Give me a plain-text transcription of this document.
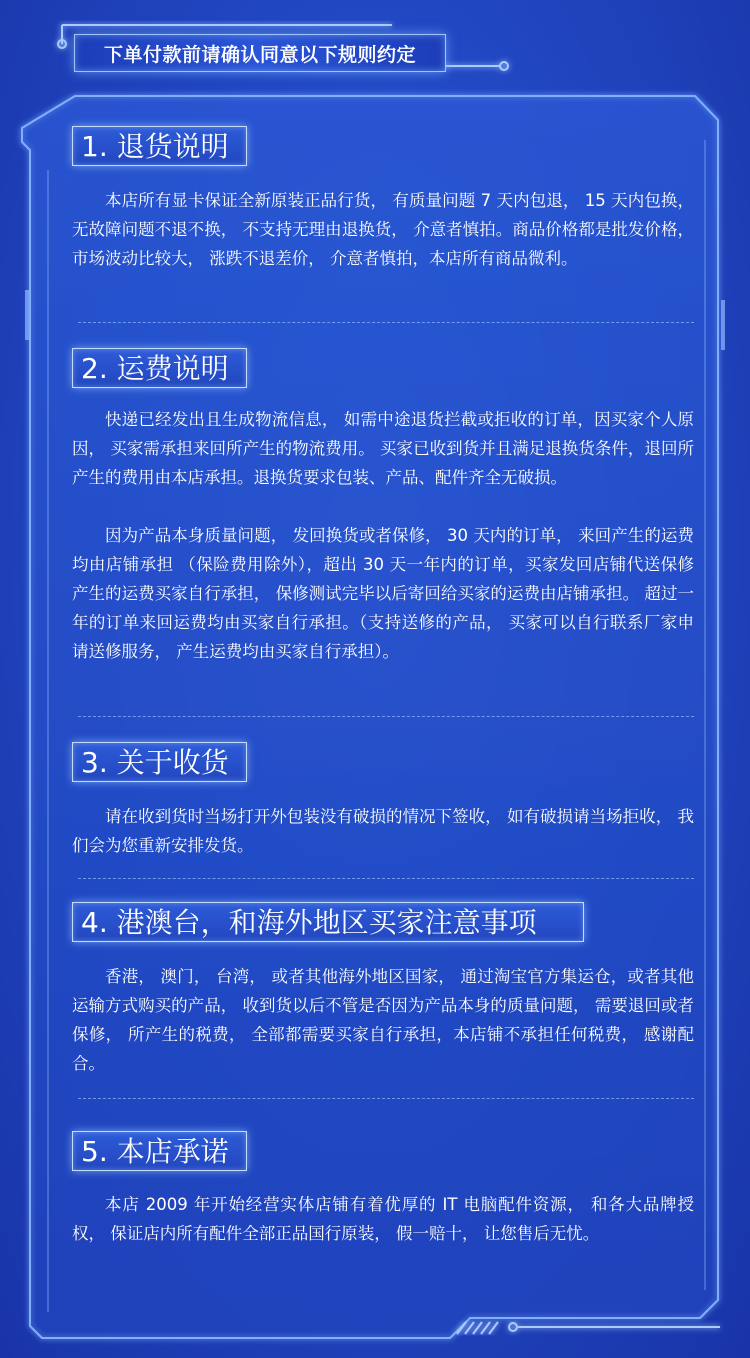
下单付款前请确认同意以下规则约定
1. 退货说明

本店所有显卡保证全新原装正品行货， 有质量问题 7 天内包退， 15 天内包换，无故障问题不退不换， 不支持无理由退换货， 介意者慎拍。商品价格都是批发价格，市场波动比较大， 涨跌不退差价， 介意者慎拍，本店所有商品微利。

2. 运费说明

快递已经发出且生成物流信息， 如需中途退货拦截或拒收的订单，因买家个人原因， 买家需承担来回所产生的物流费用。 买家已收到货并且满足退换货条件，退回所产生的费用由本店承担。退换货要求包装、产品、配件齐全无破损。

因为产品本身质量问题， 发回换货或者保修， 30 天内的订单， 来回产生的运费均由店铺承担 （保险费用除外），超出 30 天一年内的订单，买家发回店铺代送保修产生的运费买家自行承担， 保修测试完毕以后寄回给买家的运费由店铺承担。 超过一年的订单来回运费均由买家自行承担。（支持送修的产品， 买家可以自行联系厂家申请送修服务， 产生运费均由买家自行承担）。

3. 关于收货

请在收到货时当场打开外包装没有破损的情况下签收， 如有破损请当场拒收， 我们会为您重新安排发货。

4. 港澳台，和海外地区买家注意事项

香港， 澳门， 台湾， 或者其他海外地区国家， 通过淘宝官方集运仓，或者其他运输方式购买的产品， 收到货以后不管是否因为产品本身的质量问题， 需要退回或者保修， 所产生的税费， 全部都需要买家自行承担，本店铺不承担任何税费， 感谢配合。

5. 本店承诺

本店 2009 年开始经营实体店铺有着优厚的 IT 电脑配件资源， 和各大品牌授权， 保证店内所有配件全部正品国行原装， 假一赔十， 让您售后无忧。
